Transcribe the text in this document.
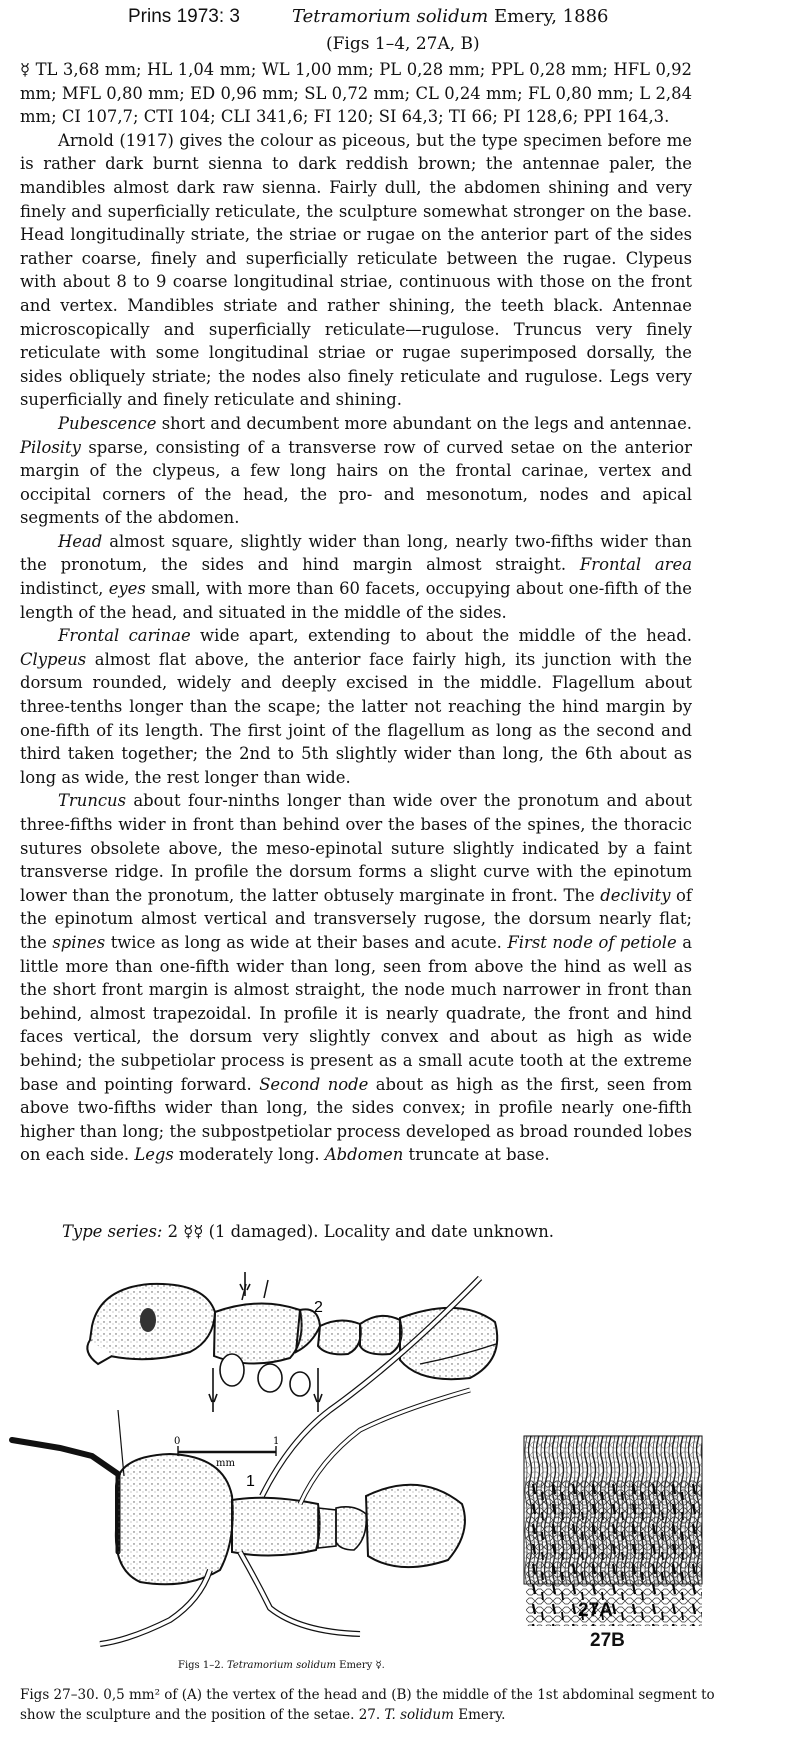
Prins 1973: 3	Tetramorium solidum Emery, 1886
(Figs 1–4, 27A, B)

☿ TL 3,68 mm; HL 1,04 mm; WL 1,00 mm; PL 0,28 mm; PPL 0,28 mm; HFL 0,92 mm; MFL 0,80 mm; ED 0,96 mm; SL 0,72 mm; CL 0,24 mm; FL 0,80 mm; L 2,84 mm; CI 107,7; CTI 104; CLI 341,6; FI 120; SI 64,3; TI 66; PI 128,6; PPI 164,3.

Arnold (1917) gives the colour as piceous, but the type specimen before me is rather dark burnt sienna to dark reddish brown; the antennae paler, the mandibles almost dark raw sienna. Fairly dull, the abdomen shining and very finely and superficially reticulate, the sculpture somewhat stronger on the base. Head longitudinally striate, the striae or rugae on the anterior part of the sides rather coarse, finely and superficially reticulate between the rugae. Clypeus with about 8 to 9 coarse longitudinal striae, continuous with those on the front and vertex. Mandibles striate and rather shining, the teeth black. Antennae microscopically and superficially reticulate—rugulose. Truncus very finely reticulate with some longitudinal striae or rugae superimposed dorsally, the sides obliquely striate; the nodes also finely reticulate and rugulose. Legs very superficially and finely reticulate and shining.

Pubescence short and decumbent more abundant on the legs and antennae. Pilosity sparse, consisting of a transverse row of curved setae on the anterior margin of the clypeus, a few long hairs on the frontal carinae, vertex and occipital corners of the head, the pro- and mesonotum, nodes and apical segments of the abdomen.

Head almost square, slightly wider than long, nearly two-fifths wider than the pronotum, the sides and hind margin almost straight. Frontal area indistinct, eyes small, with more than 60 facets, occupying about one-fifth of the length of the head, and situated in the middle of the sides.

Frontal carinae wide apart, extending to about the middle of the head. Clypeus almost flat above, the anterior face fairly high, its junction with the dorsum rounded, widely and deeply excised in the middle. Flagellum about three-tenths longer than the scape; the latter not reaching the hind margin by one-fifth of its length. The first joint of the flagellum as long as the second and third taken together; the 2nd to 5th slightly wider than long, the 6th about as long as wide, the rest longer than wide.

Truncus about four-ninths longer than wide over the pronotum and about three-fifths wider in front than behind over the bases of the spines, the thoracic sutures obsolete above, the meso-epinotal suture slightly indicated by a faint transverse ridge. In profile the dorsum forms a slight curve with the epinotum lower than the pronotum, the latter obtusely marginate in front. The declivity of the epinotum almost vertical and transversely rugose, the dorsum nearly flat; the spines twice as long as wide at their bases and acute. First node of petiole a little more than one-fifth wider than long, seen from above the hind as well as the short front margin is almost straight, the node much narrower in front than behind, almost trapezoidal. In profile it is nearly quadrate, the front and hind faces vertical, the dorsum very slightly convex and about as high as wide behind; the subpetiolar process is present as a small acute tooth at the extreme base and pointing forward. Second node about as high as the first, seen from above two-fifths wider than long, the sides convex; in profile nearly one-fifth higher than long; the subpostpetiolar process developed as broad rounded lobes on each side. Legs moderately long. Abdomen truncate at base.

Type series: 2 ☿☿ (1 damaged). Locality and date unknown.
2
0	1
mm
1
27B
Figs 1–2. Tetramorium solidum Emery ☿.
Figs 27–30. 0,5 mm² of (A) the vertex of the head and (B) the middle of the 1st abdominal segment to show the sculpture and the position of the setae. 27. T. solidum Emery.
